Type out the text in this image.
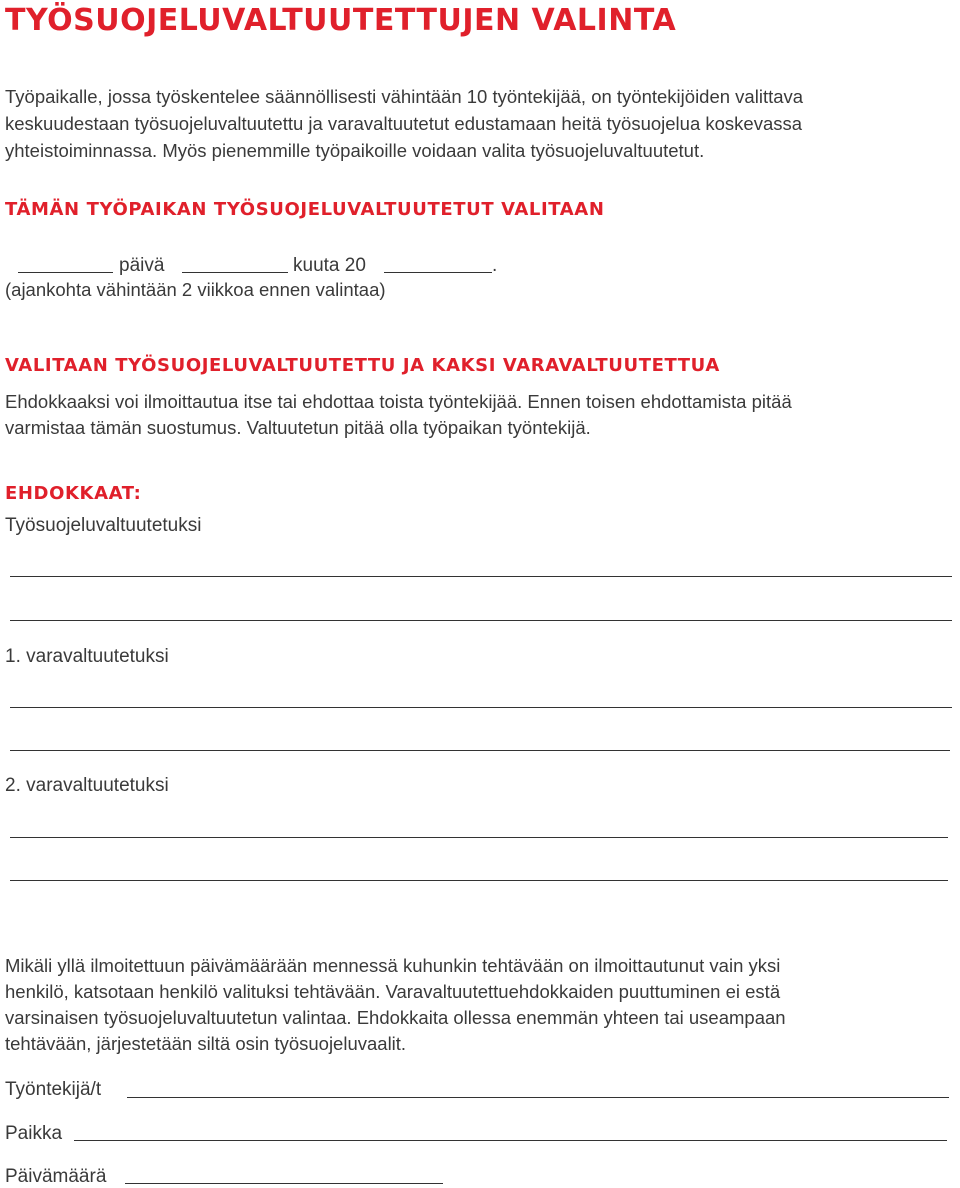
TYÖSUOJELUVALTUUTETTUJEN VALINTA
Työpaikalle, jossa työskentelee säännöllisesti vähintään 10 työntekijää, on työntekijöiden valittava
keskuudestaan työsuojeluvaltuutettu ja varavaltuutetut edustamaan heitä työsuojelua koskevassa
yhteistoiminnassa. Myös pienemmille työpaikoille voidaan valita työsuojeluvaltuutetut.
TÄMÄN TYÖPAIKAN TYÖSUOJELUVALTUUTETUT VALITAAN
päivä	kuuta 20	.
(ajankohta vähintään 2 viikkoa ennen valintaa)
VALITAAN TYÖSUOJELUVALTUUTETTU JA KAKSI VARAVALTUUTETTUA
Ehdokkaaksi voi ilmoittautua itse tai ehdottaa toista työntekijää. Ennen toisen ehdottamista pitää
varmistaa tämän suostumus. Valtuutetun pitää olla työpaikan työntekijä.
EHDOKKAAT:
Työsuojeluvaltuutetuksi
1. varavaltuutetuksi
2. varavaltuutetuksi
Mikäli yllä ilmoitettuun päivämäärään mennessä kuhunkin tehtävään on ilmoittautunut vain yksi
henkilö, katsotaan henkilö valituksi tehtävään. Varavaltuutettuehdokkaiden puuttuminen ei estä
varsinaisen työsuojeluvaltuutetun valintaa. Ehdokkaita ollessa enemmän yhteen tai useampaan
tehtävään, järjestetään siltä osin työsuojeluvaalit.
Työntekijä/t
Paikka
Päivämäärä
